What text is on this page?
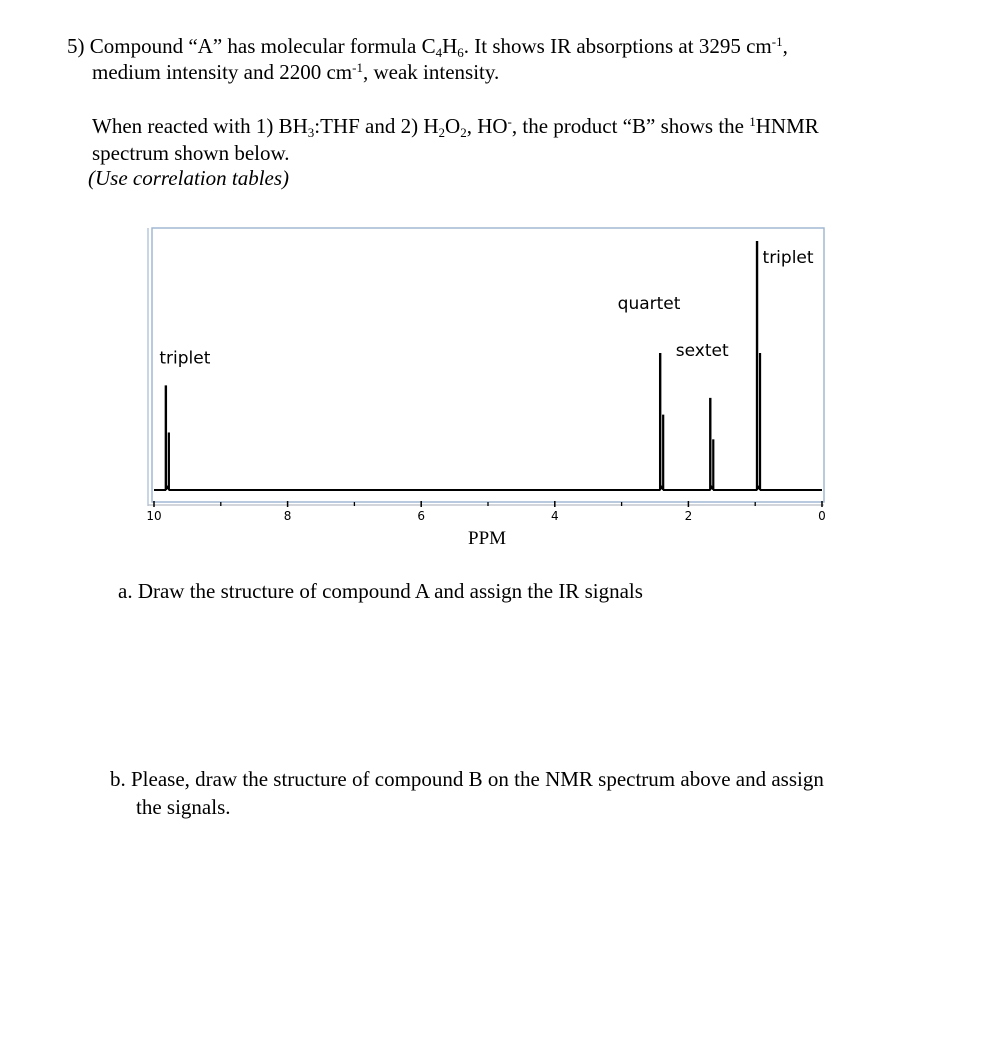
5) Compound “A” has molecular formula $C_4H_6$. It shows IR absorptions at 3295 $cm^{-1}$,
medium intensity and 2200 $cm^{-1}$, weak intensity.
When reacted with 1) $BH_3:THF$ and 2) $H_2O_2$, HO-, the product “B” shows the $^1$HNMR
spectrum shown below.
(Use correlation tables)
10	8	6	4	2	0
triplet
quartet
sextet
triplet
PPM
a. Draw the structure of compound A and assign the IR signals
b. Please, draw the structure of compound B on the NMR spectrum above and assign
the signals.
